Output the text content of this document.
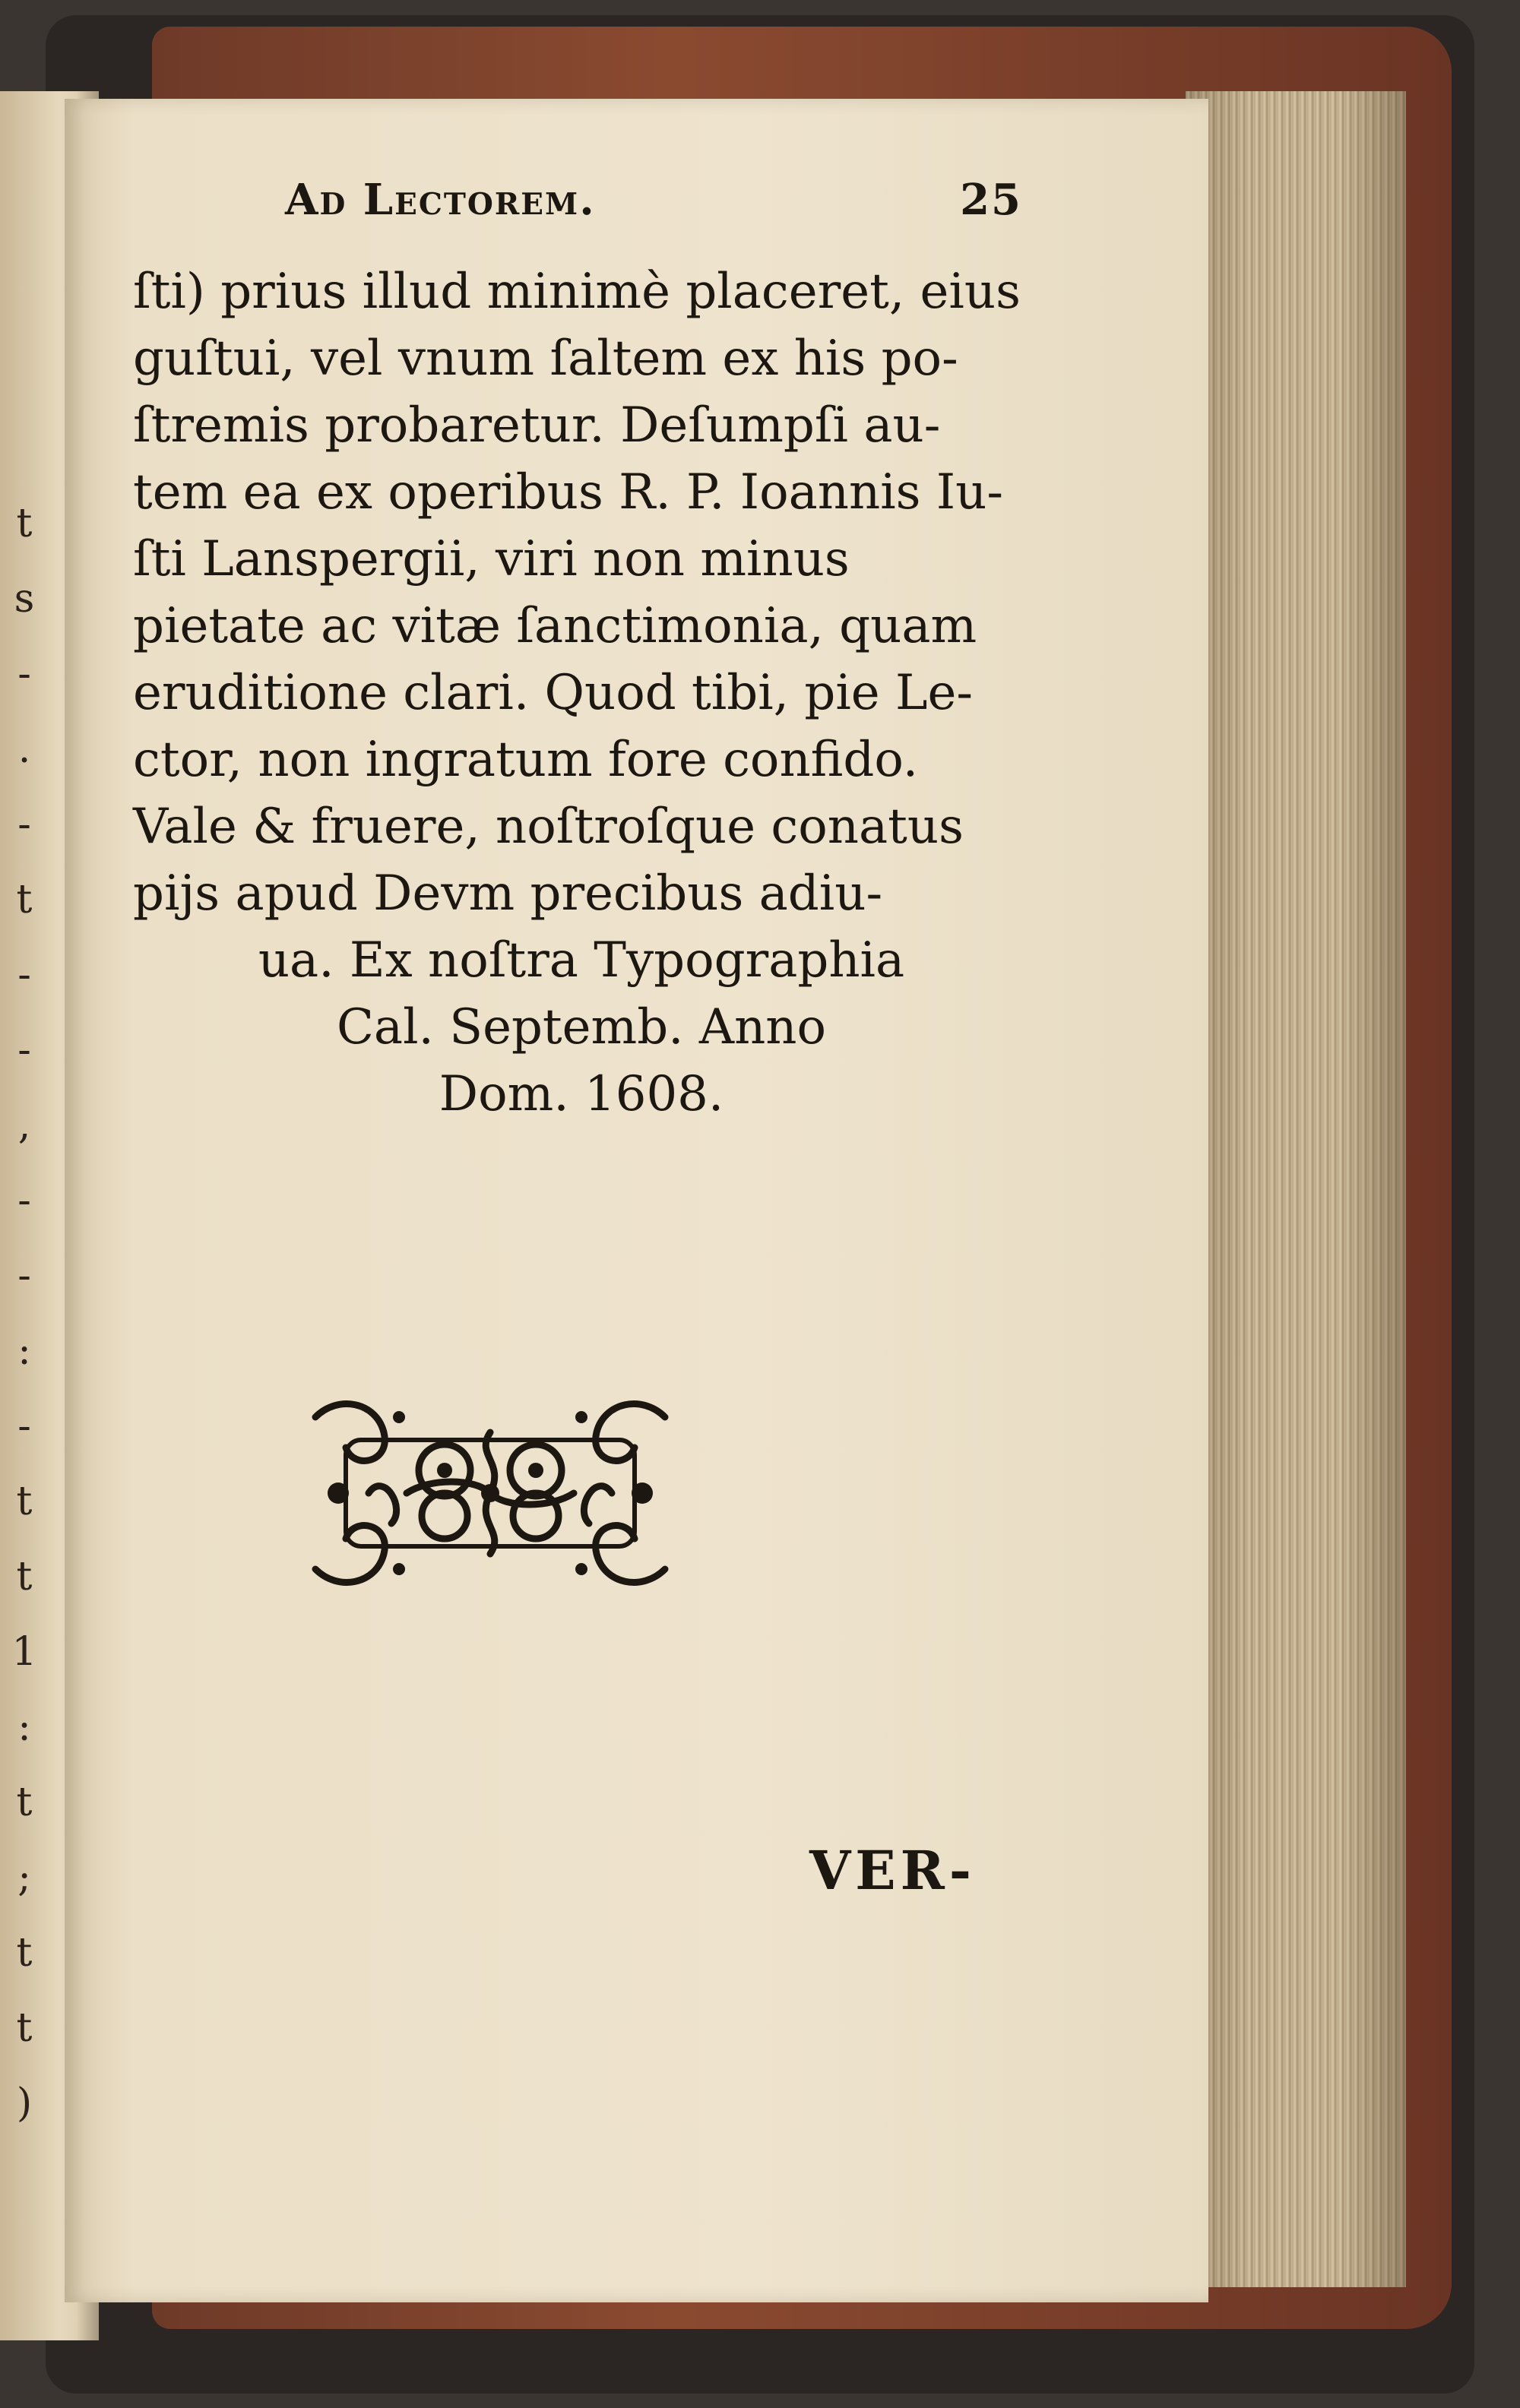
t
s
-
.
-
t
-
-
,
-
-
:
-
t
t
1
:
t
;
t
t
)
Ad Lectorem.	25
ſti) prius illud minimè placeret, eius
guſtui, vel vnum ſaltem ex his po-
ſtremis probaretur. Deſumpſi au-
tem ea ex operibus R. P. Ioannis Iu-
ſti Lanspergii, viri non minus
pietate ac vitæ ſanctimonia, quam
eruditione clari. Quod tibi, pie Le-
ctor, non ingratum fore confido.
Vale & fruere, noſtroſque conatus
pijs apud Devm precibus adiu-
ua. Ex noſtra Typographia
Cal. Septemb. Anno
Dom. 1608.
VER-
